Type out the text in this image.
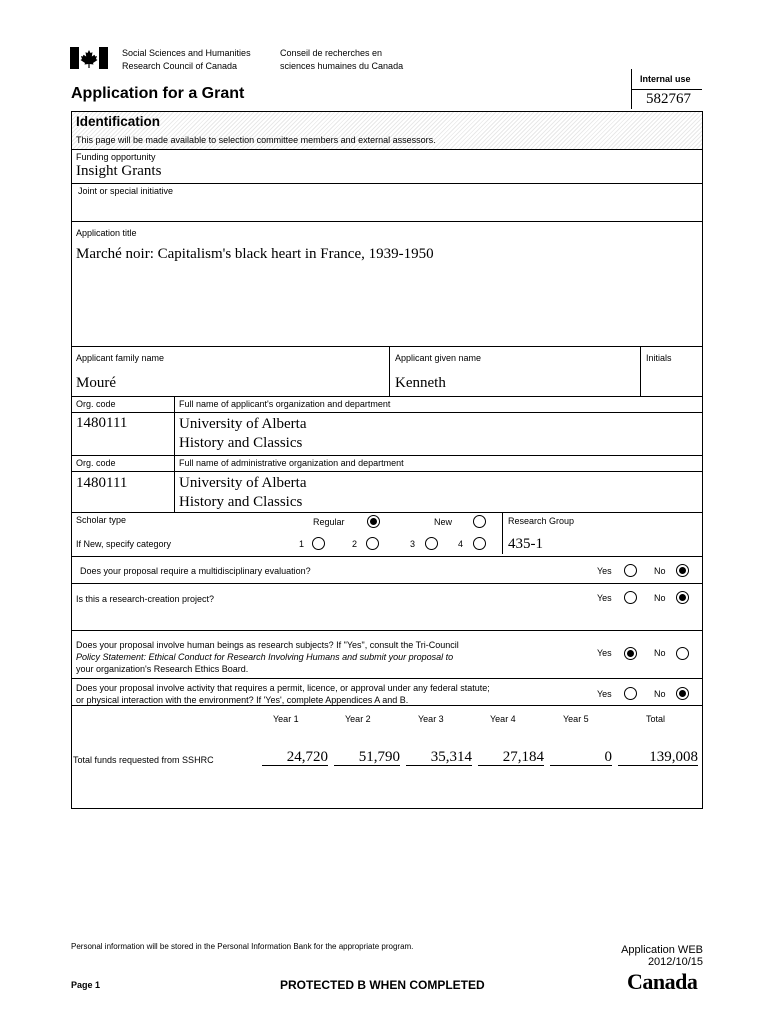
Social Sciences and Humanities
Research Council of Canada
Conseil de recherches en
sciences humaines du Canada
Internal use
582767
Application for a Grant
Identification
This page will be made available to selection committee members and external assessors.
Funding opportunity
Insight Grants
Joint or special initiative
Application title
Marché noir: Capitalism's black heart in France, 1939-1950
Applicant family name
Mouré
Applicant given name
Kenneth
Initials
Org. code	Full name of applicant's organization and department
1480111	University of Alberta
History and Classics
Org. code	Full name of administrative organization and department
1480111	University of Alberta
History and Classics
Scholar type	Regular	New	Research Group
If New, specify category	1	2	3	4	435-1
Does your proposal require a multidisciplinary evaluation?	Yes	No
Is this a research-creation project?	Yes	No
Does your proposal involve human beings as research subjects? If "Yes", consult the Tri-Council
Policy Statement: Ethical Conduct for Research Involving Humans and submit your proposal to
your organization's Research Ethics Board.
Yes	No
Does your proposal involve activity that requires a permit, licence, or approval under any federal statute;
or physical interaction with the environment? If 'Yes', complete Appendices A and B.
Yes	No
Year 1	Year 2	Year 3	Year 4	Year 5	Total
Total funds requested from SSHRC	24,720	51,790	35,314	27,184	0	139,008
Personal information will be stored in the Personal Information Bank for the appropriate program.	Application WEB
2012/10/15
Page 1	PROTECTED B WHEN COMPLETED	Canada
